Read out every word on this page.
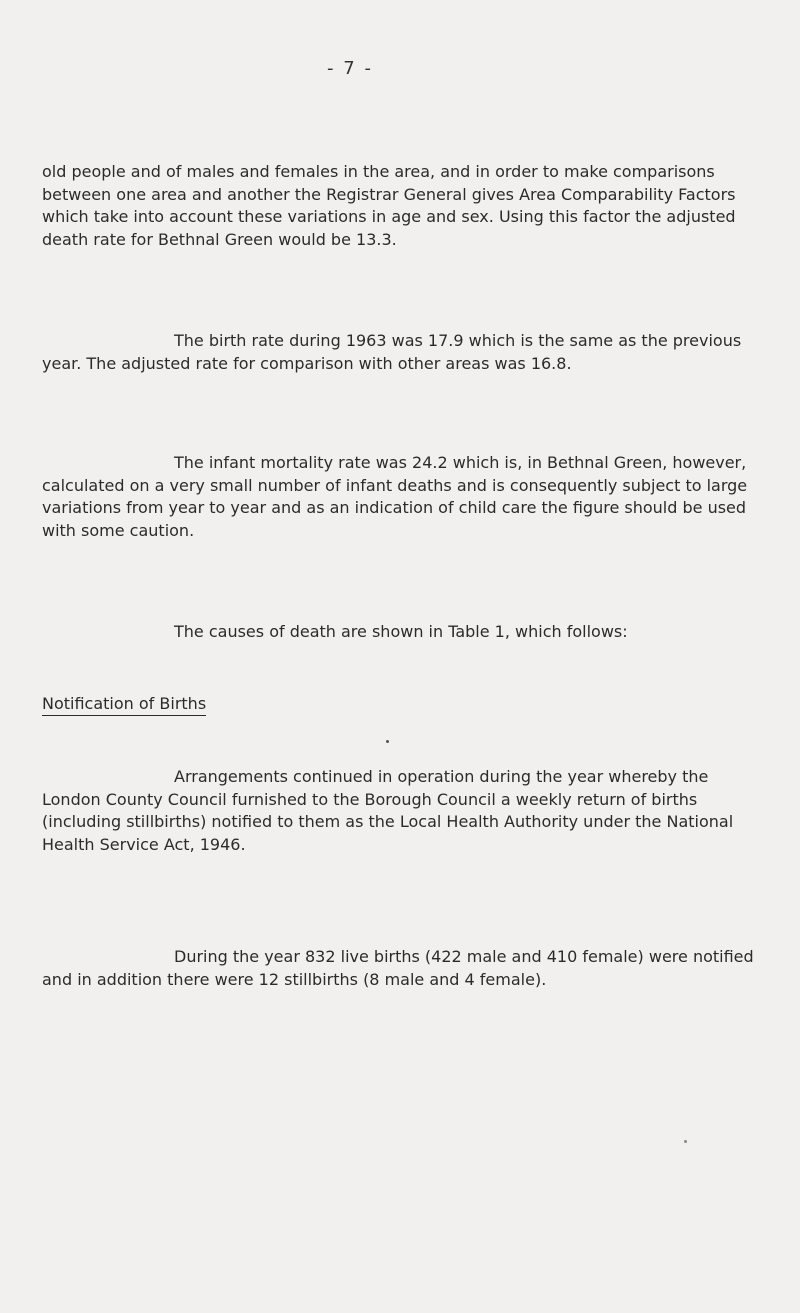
- 7 -

old people and of males and females in the area, and in order to make comparisons between one area and another the Registrar General gives Area Comparability Factors which take into account these variations in age and sex. Using this factor the adjusted death rate for Bethnal Green would be 13.3.

The birth rate during 1963 was 17.9 which is the same as the previous year. The adjusted rate for comparison with other areas was 16.8.

The infant mortality rate was 24.2 which is, in Bethnal Green, however, calculated on a very small number of infant deaths and is consequently subject to large variations from year to year and as an indication of child care the figure should be used with some caution.

The causes of death are shown in Table 1, which follows:

Notification of Births

Arrangements continued in operation during the year whereby the London County Council furnished to the Borough Council a weekly return of births (including stillbirths) notified to them as the Local Health Authority under the National Health Service Act, 1946.

During the year 832 live births (422 male and 410 female) were notified and in addition there were 12 stillbirths (8 male and 4 female).
